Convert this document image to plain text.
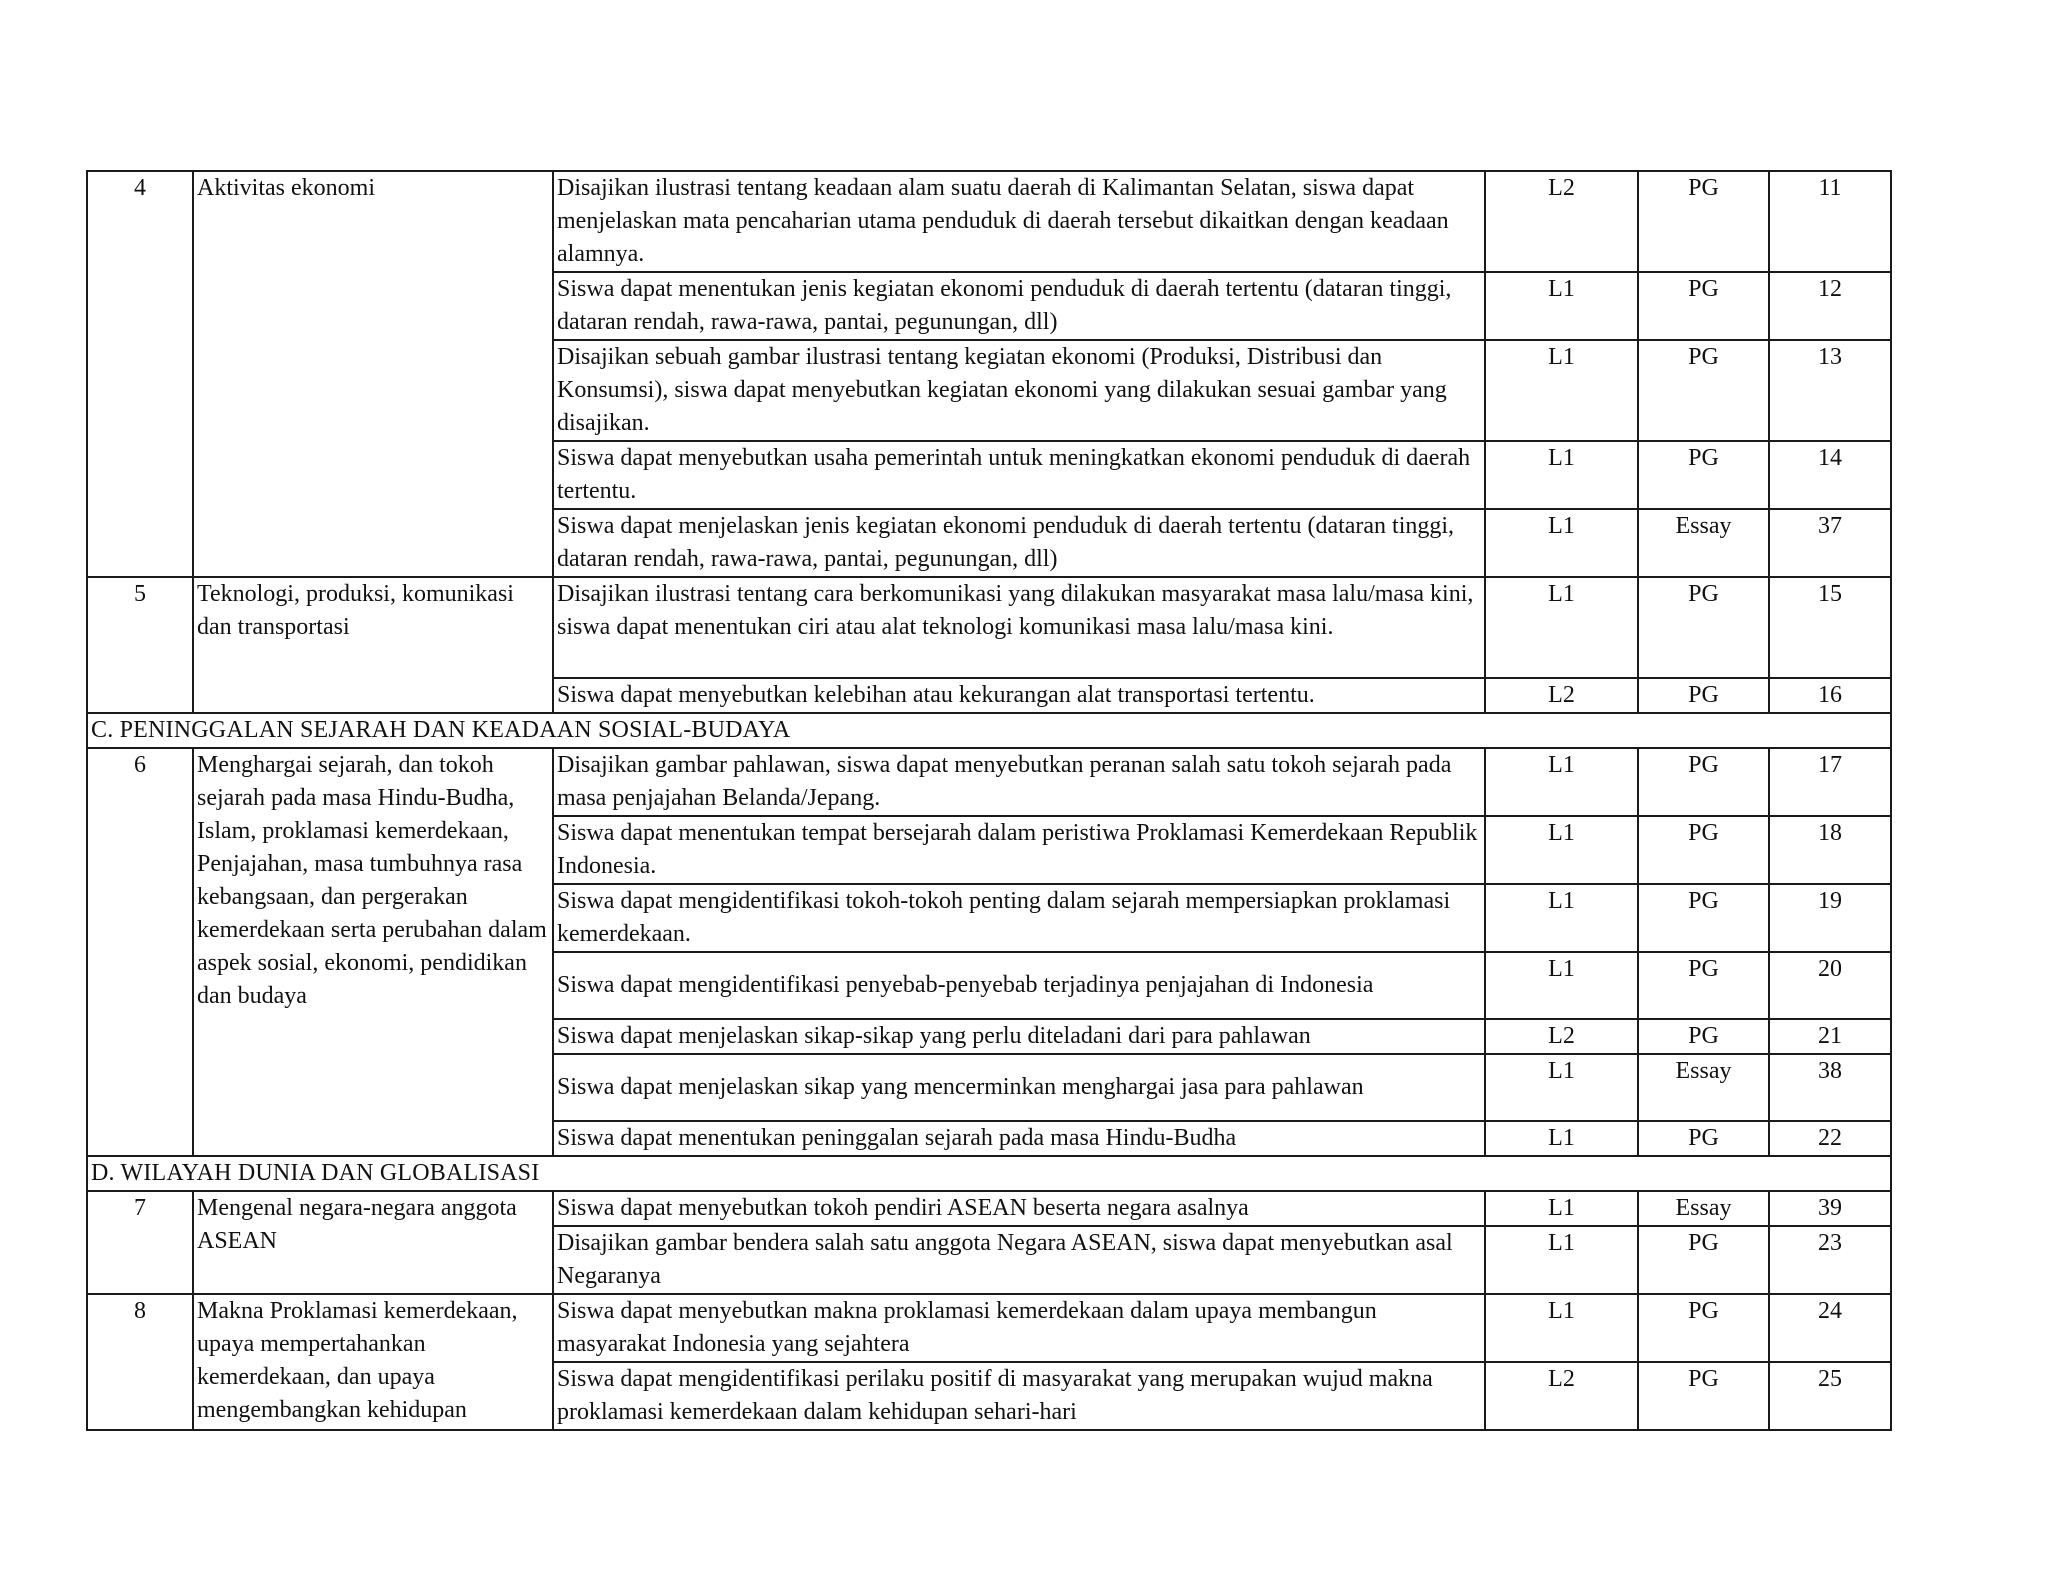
4	Aktivitas ekonomi	Disajikan ilustrasi tentang keadaan alam suatu daerah di Kalimantan Selatan, siswa dapat menjelaskan mata pencaharian utama penduduk di daerah tersebut dikaitkan dengan keadaan alamnya.	L2	PG	11
		Siswa dapat menentukan jenis kegiatan ekonomi penduduk di daerah tertentu (dataran tinggi, dataran rendah, rawa-rawa, pantai, pegunungan, dll)	L1	PG	12
		Disajikan sebuah gambar ilustrasi tentang kegiatan ekonomi (Produksi, Distribusi dan Konsumsi), siswa dapat menyebutkan kegiatan ekonomi yang dilakukan sesuai gambar yang disajikan.	L1	PG	13
		Siswa dapat menyebutkan usaha pemerintah untuk meningkatkan ekonomi penduduk di daerah tertentu.	L1	PG	14
		Siswa dapat menjelaskan jenis kegiatan ekonomi penduduk di daerah tertentu (dataran tinggi, dataran rendah, rawa-rawa, pantai, pegunungan, dll)	L1	Essay	37
5	Teknologi, produksi, komunikasi dan transportasi	Disajikan ilustrasi tentang cara berkomunikasi yang dilakukan masyarakat masa lalu/masa kini, siswa dapat menentukan ciri atau alat teknologi komunikasi masa lalu/masa kini.	L1	PG	15
		Siswa dapat menyebutkan kelebihan atau kekurangan alat transportasi tertentu.	L2	PG	16
C. PENINGGALAN SEJARAH DAN KEADAAN SOSIAL-BUDAYA					
6	Menghargai sejarah, dan tokoh sejarah pada masa Hindu-Budha, Islam, proklamasi kemerdekaan, Penjajahan, masa tumbuhnya rasa kebangsaan, dan pergerakan kemerdekaan serta perubahan dalam aspek sosial, ekonomi, pendidikan dan budaya	Disajikan gambar pahlawan, siswa dapat menyebutkan peranan salah satu tokoh sejarah pada masa penjajahan Belanda/Jepang.	L1	PG	17
		Siswa dapat menentukan tempat bersejarah dalam peristiwa Proklamasi Kemerdekaan Republik Indonesia.	L1	PG	18
		Siswa dapat mengidentifikasi tokoh-tokoh penting dalam sejarah mempersiapkan proklamasi kemerdekaan.	L1	PG	19
		Siswa dapat mengidentifikasi penyebab-penyebab terjadinya penjajahan di Indonesia	L1	PG	20
		Siswa dapat menjelaskan sikap-sikap yang perlu diteladani dari para pahlawan	L2	PG	21
		Siswa dapat menjelaskan sikap yang mencerminkan menghargai jasa para pahlawan	L1	Essay	38
		Siswa dapat menentukan peninggalan sejarah pada masa Hindu-Budha	L1	PG	22
D. WILAYAH DUNIA DAN GLOBALISASI					
7	Mengenal negara-negara anggota ASEAN	Siswa dapat menyebutkan tokoh pendiri ASEAN beserta negara asalnya	L1	Essay	39
		Disajikan gambar bendera salah satu anggota Negara ASEAN, siswa dapat menyebutkan asal Negaranya	L1	PG	23
8	Makna Proklamasi kemerdekaan, upaya mempertahankan kemerdekaan, dan upaya mengembangkan kehidupan	Siswa dapat menyebutkan makna proklamasi kemerdekaan dalam upaya membangun masyarakat Indonesia yang sejahtera	L1	PG	24
		Siswa dapat mengidentifikasi perilaku positif di masyarakat yang merupakan wujud makna proklamasi kemerdekaan dalam kehidupan sehari-hari	L2	PG	25
